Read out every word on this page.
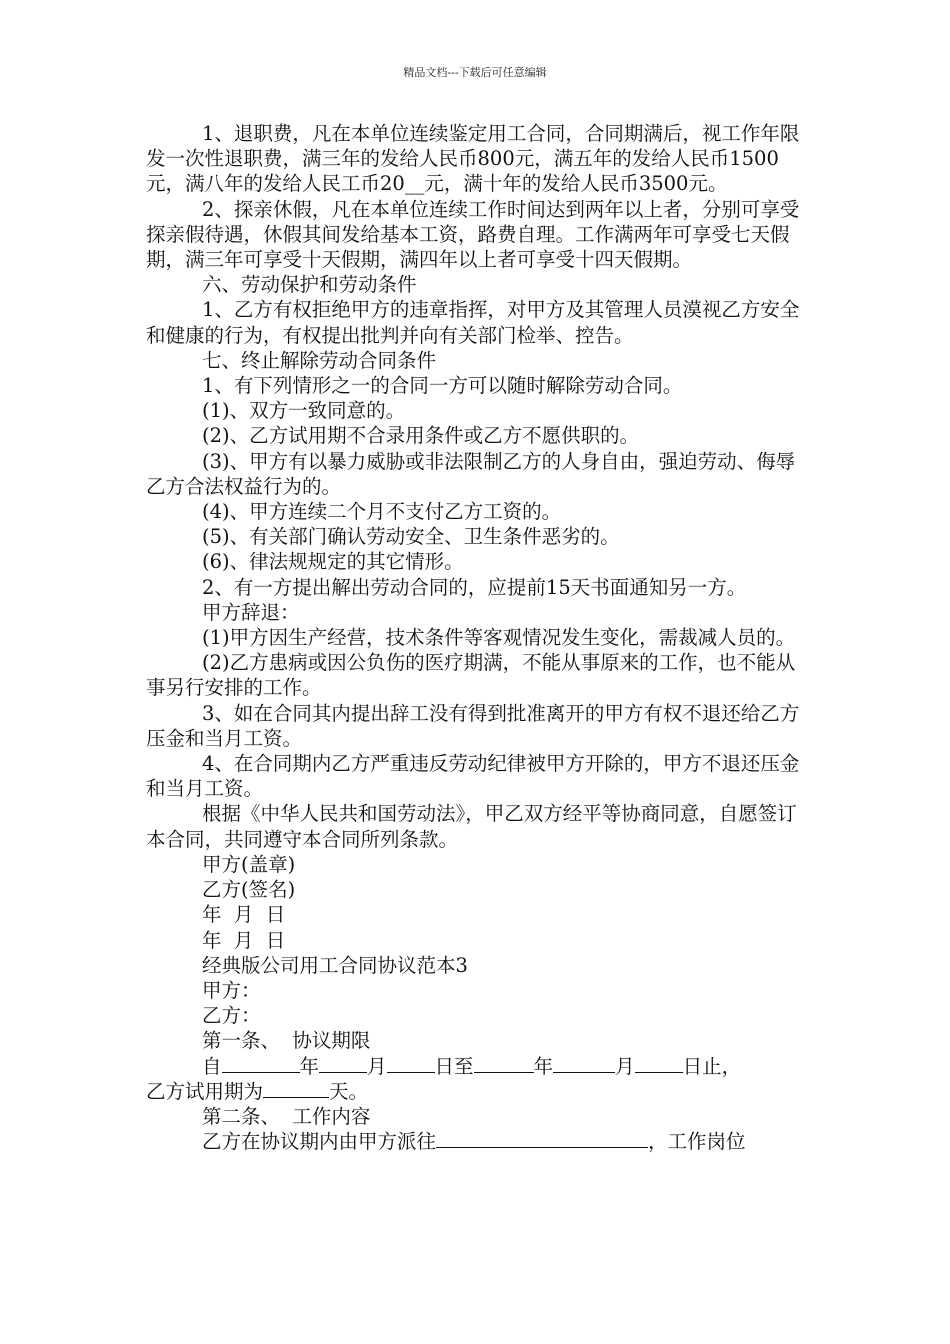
精品文档---下载后可任意编辑

1、退职费，凡在本单位连续鉴定用工合同，合同期满后，视工作年限发一次性退职费，满三年的发给人民币800元，满五年的发给人民币1500元，满八年的发给人民工币20__元，满十年的发给人民币3500元。

2、探亲休假，凡在本单位连续工作时间达到两年以上者，分别可享受探亲假待遇，休假其间发给基本工资，路费自理。工作满两年可享受七天假期，满三年可享受十天假期，满四年以上者可享受十四天假期。

六、劳动保护和劳动条件

1、乙方有权拒绝甲方的违章指挥，对甲方及其管理人员漠视乙方安全和健康的行为，有权提出批判并向有关部门检举、控告。

七、终止解除劳动合同条件

1、有下列情形之一的合同一方可以随时解除劳动合同。

(1)、双方一致同意的。

(2)、乙方试用期不合录用条件或乙方不愿供职的。

(3)、甲方有以暴力威胁或非法限制乙方的人身自由，强迫劳动、侮辱乙方合法权益行为的。

(4)、甲方连续二个月不支付乙方工资的。

(5)、有关部门确认劳动安全、卫生条件恶劣的。

(6)、律法规规定的其它情形。

2、有一方提出解出劳动合同的，应提前15天书面通知另一方。

甲方辞退：

(1)甲方因生产经营，技术条件等客观情况发生变化，需裁减人员的。

(2)乙方患病或因公负伤的医疗期满，不能从事原来的工作，也不能从事另行安排的工作。

3、如在合同其内提出辞工没有得到批准离开的甲方有权不退还给乙方压金和当月工资。

4、在合同期内乙方严重违反劳动纪律被甲方开除的，甲方不退还压金和当月工资。

根据《中华人民共和国劳动法》，甲乙双方经平等协商同意，自愿签订本合同，共同遵守本合同所列条款。

甲方(盖章)

乙方(签名)

年  月  日

年  月  日

经典版公司用工合同协议范本3

甲方：

乙方：

第一条、  协议期限

自	年 月 日至	年	月 日止，

乙方试用期为	天。

第二条、  工作内容

乙方在协议期内由甲方派往	，工作岗位
